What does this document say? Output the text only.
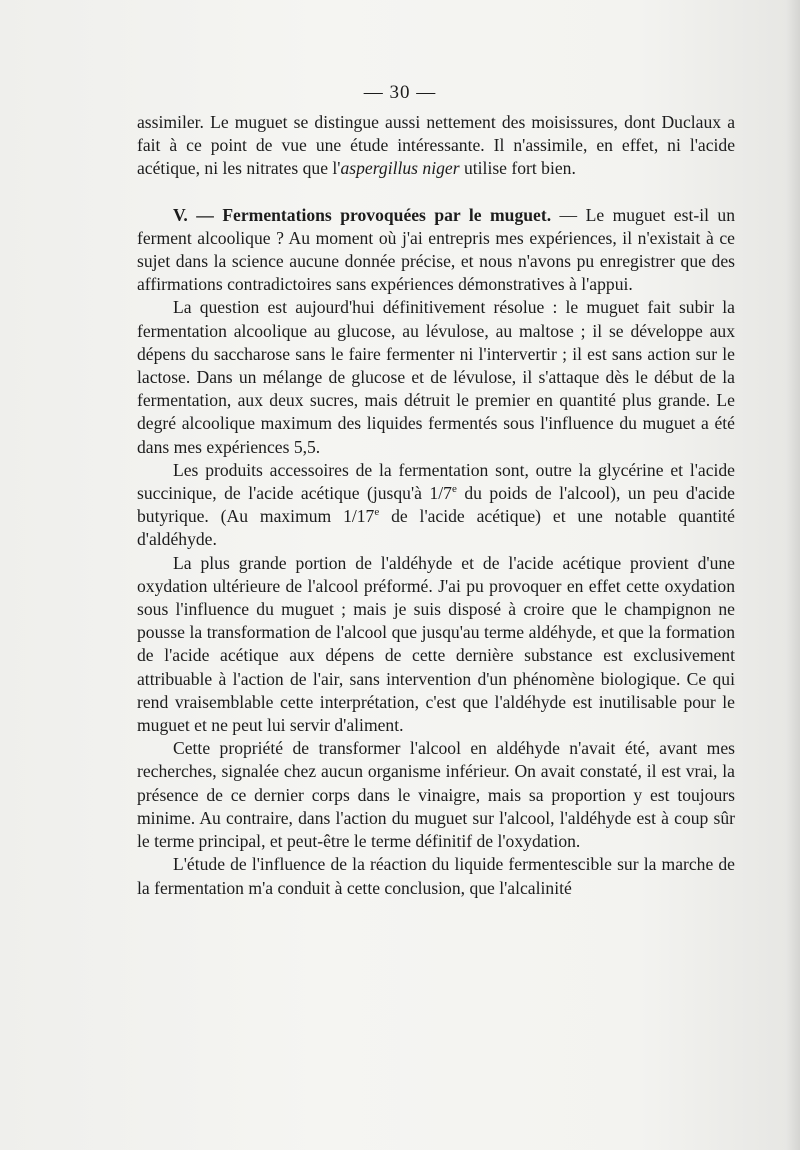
— 30 —

assimiler. Le muguet se distingue aussi nettement des moisissures, dont Duclaux a fait à ce point de vue une étude intéressante. Il n'assimile, en effet, ni l'acide acétique, ni les nitrates que l'aspergillus niger utilise fort bien.

V. — Fermentations provoquées par le muguet. — Le muguet est-il un ferment alcoolique ? Au moment où j'ai entrepris mes expériences, il n'existait à ce sujet dans la science aucune donnée précise, et nous n'avons pu enregistrer que des affirmations contradictoires sans expériences démonstratives à l'appui.

La question est aujourd'hui définitivement résolue : le muguet fait subir la fermentation alcoolique au glucose, au lévulose, au maltose ; il se développe aux dépens du saccharose sans le faire fermenter ni l'intervertir ; il est sans action sur le lactose. Dans un mélange de glucose et de lévulose, il s'attaque dès le début de la fermentation, aux deux sucres, mais détruit le premier en quantité plus grande. Le degré alcoolique maximum des liquides fermentés sous l'influence du muguet a été dans mes expériences 5,5.

Les produits accessoires de la fermentation sont, outre la glycérine et l'acide succinique, de l'acide acétique (jusqu'à 1/7e du poids de l'alcool), un peu d'acide butyrique. (Au maximum 1/17e de l'acide acétique) et une notable quantité d'aldéhyde.

La plus grande portion de l'aldéhyde et de l'acide acétique provient d'une oxydation ultérieure de l'alcool préformé. J'ai pu provoquer en effet cette oxydation sous l'influence du muguet ; mais je suis disposé à croire que le champignon ne pousse la transformation de l'alcool que jusqu'au terme aldéhyde, et que la formation de l'acide acétique aux dépens de cette dernière substance est exclusivement attribuable à l'action de l'air, sans intervention d'un phénomène biologique. Ce qui rend vraisemblable cette interprétation, c'est que l'aldéhyde est inutilisable pour le muguet et ne peut lui servir d'aliment.

Cette propriété de transformer l'alcool en aldéhyde n'avait été, avant mes recherches, signalée chez aucun organisme inférieur. On avait constaté, il est vrai, la présence de ce dernier corps dans le vinaigre, mais sa proportion y est toujours minime. Au contraire, dans l'action du muguet sur l'alcool, l'aldéhyde est à coup sûr le terme principal, et peut-être le terme définitif de l'oxydation.

L'étude de l'influence de la réaction du liquide fermentescible sur la marche de la fermentation m'a conduit à cette conclusion, que l'alcalinité
